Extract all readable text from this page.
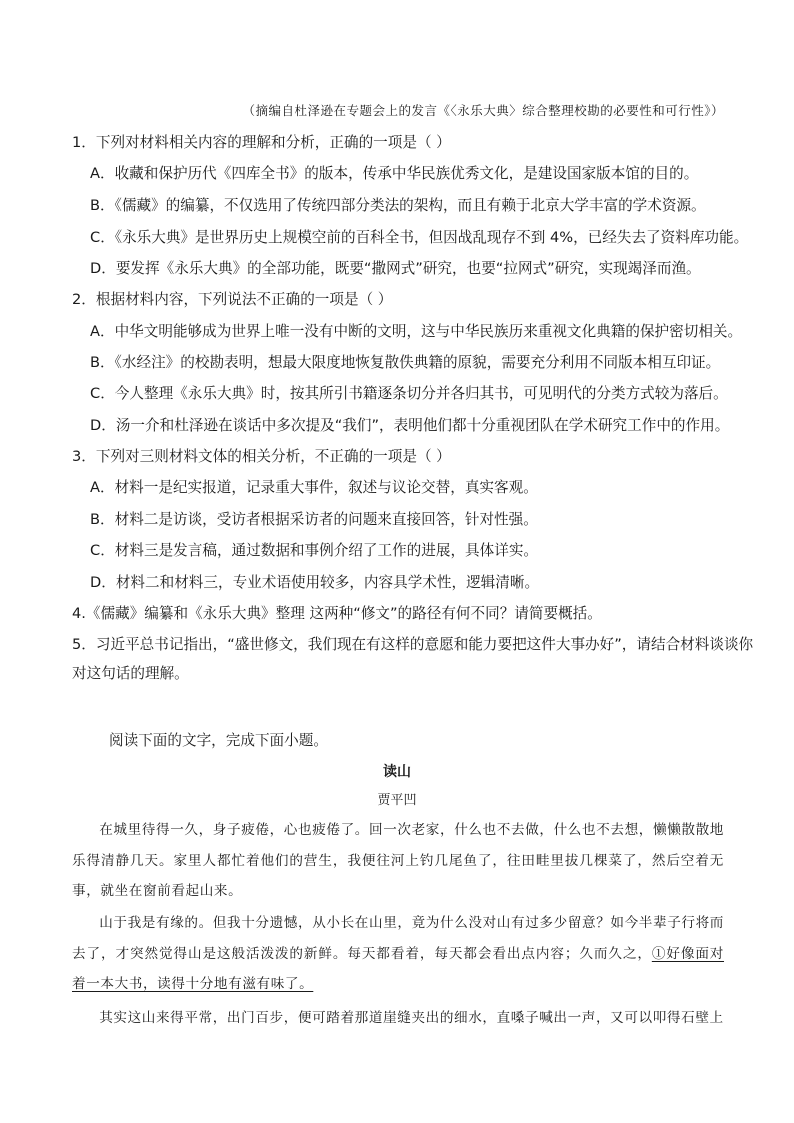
（摘编自杜泽逊在专题会上的发言《〈永乐大典〉综合整理校勘的必要性和可行性》）
1．下列对材料相关内容的理解和分析，正确的一项是（ ）
A．收藏和保护历代《四库全书》的版本，传承中华民族优秀文化，是建设国家版本馆的目的。
B．《儒藏》的编纂，不仅选用了传统四部分类法的架构，而且有赖于北京大学丰富的学术资源。
C．《永乐大典》是世界历史上规模空前的百科全书，但因战乱现存不到 4%，已经失去了资料库功能。
D．要发挥《永乐大典》的全部功能，既要“撒网式”研究，也要“拉网式”研究，实现竭泽而渔。
2．根据材料内容，下列说法不正确的一项是（ ）
A．中华文明能够成为世界上唯一没有中断的文明，这与中华民族历来重视文化典籍的保护密切相关。
B．《水经注》的校勘表明，想最大限度地恢复散佚典籍的原貌，需要充分利用不同版本相互印证。
C．今人整理《永乐大典》时，按其所引书籍逐条切分并各归其书，可见明代的分类方式较为落后。
D．汤一介和杜泽逊在谈话中多次提及“我们”，表明他们都十分重视团队在学术研究工作中的作用。
3．下列对三则材料文体的相关分析，不正确的一项是（ ）
A．材料一是纪实报道，记录重大事件，叙述与议论交替，真实客观。
B．材料二是访谈，受访者根据采访者的问题来直接回答，针对性强。
C．材料三是发言稿，通过数据和事例介绍了工作的进展，具体详实。
D．材料二和材料三，专业术语使用较多，内容具学术性，逻辑清晰。
4.《儒藏》编纂和《永乐大典》整理 这两种“修文”的路径有何不同？请简要概括。
5．习近平总书记指出，“盛世修文，我们现在有这样的意愿和能力要把这件大事办好”，请结合材料谈谈你
对这句话的理解。
阅读下面的文字，完成下面小题。
读山
贾平凹
在城里待得一久，身子疲倦，心也疲倦了。回一次老家，什么也不去做，什么也不去想，懒懒散散地乐得清静几天。家里人都忙着他们的营生，我便往河上钓几尾鱼了，往田畦里拔几棵菜了，然后空着无事，就坐在窗前看起山来。
山于我是有缘的。但我十分遗憾，从小长在山里，竟为什么没对山有过多少留意？如今半辈子行将而去了，才突然觉得山是这般活泼泼的新鲜。每天都看着，每天都会看出点内容；久而久之，①好像面对着一本大书，读得十分地有滋有味了。
其实这山来得平常，出门百步，便可踏着那道崖缝夹出的细水，直嗓子喊出一声，又可以叩得石壁上
